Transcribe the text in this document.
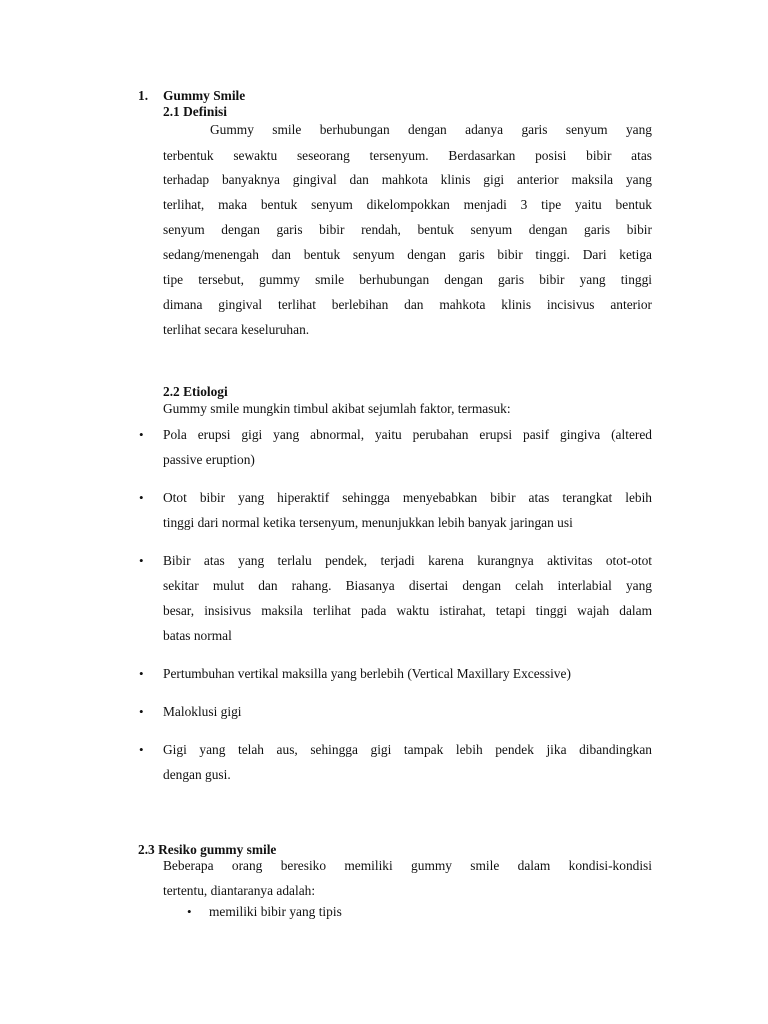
1. Gummy Smile
2.1 Definisi
Gummy smile berhubungan dengan adanya garis senyum yang
terbentuk sewaktu seseorang tersenyum. Berdasarkan posisi bibir atas
terhadap banyaknya gingival dan mahkota klinis gigi anterior maksila yang
terlihat, maka bentuk senyum dikelompokkan menjadi 3 tipe yaitu bentuk
senyum dengan garis bibir rendah, bentuk senyum dengan garis bibir
sedang/menengah dan bentuk senyum dengan garis bibir tinggi. Dari ketiga
tipe tersebut, gummy smile berhubungan dengan garis bibir yang tinggi
dimana gingival terlihat berlebihan dan mahkota klinis incisivus anterior
terlihat secara keseluruhan.
2.2 Etiologi
Gummy smile mungkin timbul akibat sejumlah faktor, termasuk:
• Pola erupsi gigi yang abnormal, yaitu perubahan erupsi pasif gingiva (altered
passive eruption)
• Otot bibir yang hiperaktif sehingga menyebabkan bibir atas terangkat lebih
tinggi dari normal ketika tersenyum, menunjukkan lebih banyak jaringan usi
• Bibir atas yang terlalu pendek, terjadi karena kurangnya aktivitas otot-otot
sekitar mulut dan rahang. Biasanya disertai dengan celah interlabial yang
besar, insisivus maksila terlihat pada waktu istirahat, tetapi tinggi wajah dalam
batas normal
• Pertumbuhan vertikal maksilla yang berlebih (Vertical Maxillary Excessive)
• Maloklusi gigi
• Gigi yang telah aus, sehingga gigi tampak lebih pendek jika dibandingkan
dengan gusi.
2.3 Resiko gummy smile
Beberapa orang beresiko memiliki gummy smile dalam kondisi-kondisi
tertentu, diantaranya adalah:
• memiliki bibir yang tipis
